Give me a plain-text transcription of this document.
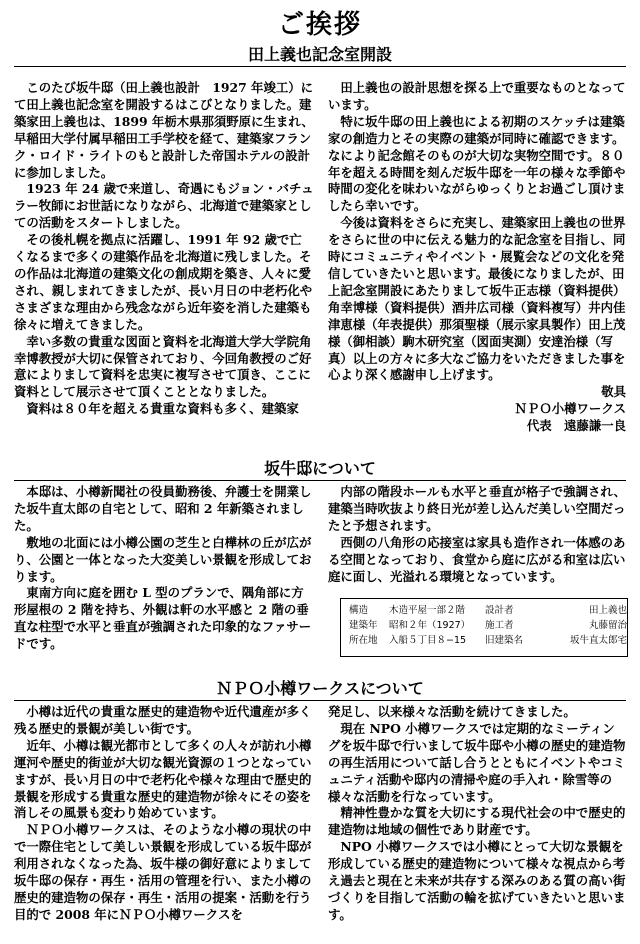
ご挨拶
田上義也記念室開設

このたび坂牛邸（田上義也設計　1927 年竣工）にて田上義也記念室を開設するはこびとなりました。建築家田上義也は、1899 年栃木県那須野原に生まれ、早稲田大学付属早稲田工手学校を経て、建築家フランク・ロイド・ライトのもと設計した帝国ホテルの設計に参加しました。

1923 年 24 歳で来道し、奇遇にもジョン・バチュラー牧師にお世話になりながら、北海道で建築家としての活動をスタートしました。

その後札幌を拠点に活躍し、1991 年 92 歳で亡くなるまで多くの建築作品を北海道に残しました。その作品は北海道の建築文化の創成期を築き、人々に愛され、親しまれてきましたが、長い月日の中老朽化やさまざまな理由から残念ながら近年姿を消した建築も徐々に増えてきました。

幸い多数の貴重な図面と資料を北海道大学大学院角幸博教授が大切に保管されており、今回角教授のご好意によりまして資料を忠実に複写させて頂き、ここに資料として展示させて頂くこととなりました。

資料は８０年を超える貴重な資料も多く、建築家

田上義也の設計思想を探る上で重要なものとなっています。

特に坂牛邸の田上義也による初期のスケッチは建築家の創造力とその実際の建築が同時に確認できます。なにより記念館そのものが大切な実物空間です。８０年を超える時間を刻んだ坂牛邸を一年の様々な季節や時間の変化を味わいながらゆっくりとお過ごし頂けましたら幸いです。

今後は資料をさらに充実し、建築家田上義也の世界をさらに世の中に伝える魅力的な記念室を目指し、同時にコミュニティやイベント・展覧会などの文化を発信していきたいと思います。最後になりましたが、田上記念室開設にあたりまして坂牛正志様（資料提供）角幸博様（資料提供）酒井広司様（資料複写）井内佳津恵様（年表提供）那須聖様（展示家具製作）田上茂様（御相談）駒木研究室（図面実測）安達治様（写真）以上の方々に多大なご協力をいただきました事を心より深く感謝申し上げます。

敬具
ＮＰＯ小樽ワークス
代表　遠藤謙一良
坂牛邸について

本邸は、小樽新聞社の役員勤務後、弁護士を開業した坂牛直太郎の自宅として、昭和 2 年新築されました。

敷地の北面には小樽公園の芝生と白樺林の丘が広がり、公園と一体となった大変美しい景観を形成しております。

東南方向に庭を囲む L 型のプランで、隅角部に方形屋根の 2 階を持ち、外観は軒の水平感と 2 階の垂直な柱型で水平と垂直が強調された印象的なファサードです。

内部の階段ホールも水平と垂直が格子で強調され、建築当時吹抜より終日光が差し込んだ美しい空間だったと予想されます。

西側の八角形の応接室は家具も造作され一体感のある空間となっており、食堂から庭に広がる和室は広い庭に面し、光溢れる環境となっています。

構造	木造平屋一部２階	設計者	田上義也
建築年	昭和２年（1927）	施工者	丸藤留治
所在地	入船５丁目８−15	旧建築名	坂牛直太郎宅
ＮＰＯ小樽ワークスについて

小樽は近代の貴重な歴史的建造物や近代遺産が多く残る歴史的景観が美しい街です。

近年、小樽は観光都市として多くの人々が訪れ小樽運河や歴史的街並が大切な観光資源の１つとなっていますが、長い月日の中で老朽化や様々な理由で歴史的景観を形成する貴重な歴史的建造物が徐々にその姿を消しその風景も変わり始めています。

ＮＰＯ小樽ワークスは、そのような小樽の現状の中で一際住宅として美しい景観を形成している坂牛邸が利用されなくなった為、坂牛様の御好意によりまして坂牛邸の保存・再生・活用の管理を行い、また小樽の歴史的建造物の保存・再生・活用の提案・活動を行う目的で 2008 年にＮＰＯ小樽ワークスを

発足し、以来様々な活動を続けてきました。

現在 NPO 小樽ワークスでは定期的なミーティングを坂牛邸で行いまして坂牛邸や小樽の歴史的建造物の再生活用について話し合うとともにイベントやコミュニティ活動や邸内の清掃や庭の手入れ・除雪等の様々な活動を行なっています。

精神性豊かな質を大切にする現代社会の中で歴史的建造物は地域の個性であり財産です。

NPO 小樽ワークスでは小樽にとって大切な景観を形成している歴史的建造物について様々な視点から考え過去と現在と未来が共存する深みのある質の高い街づくりを目指して活動の輪を拡げていきたいと思います。
